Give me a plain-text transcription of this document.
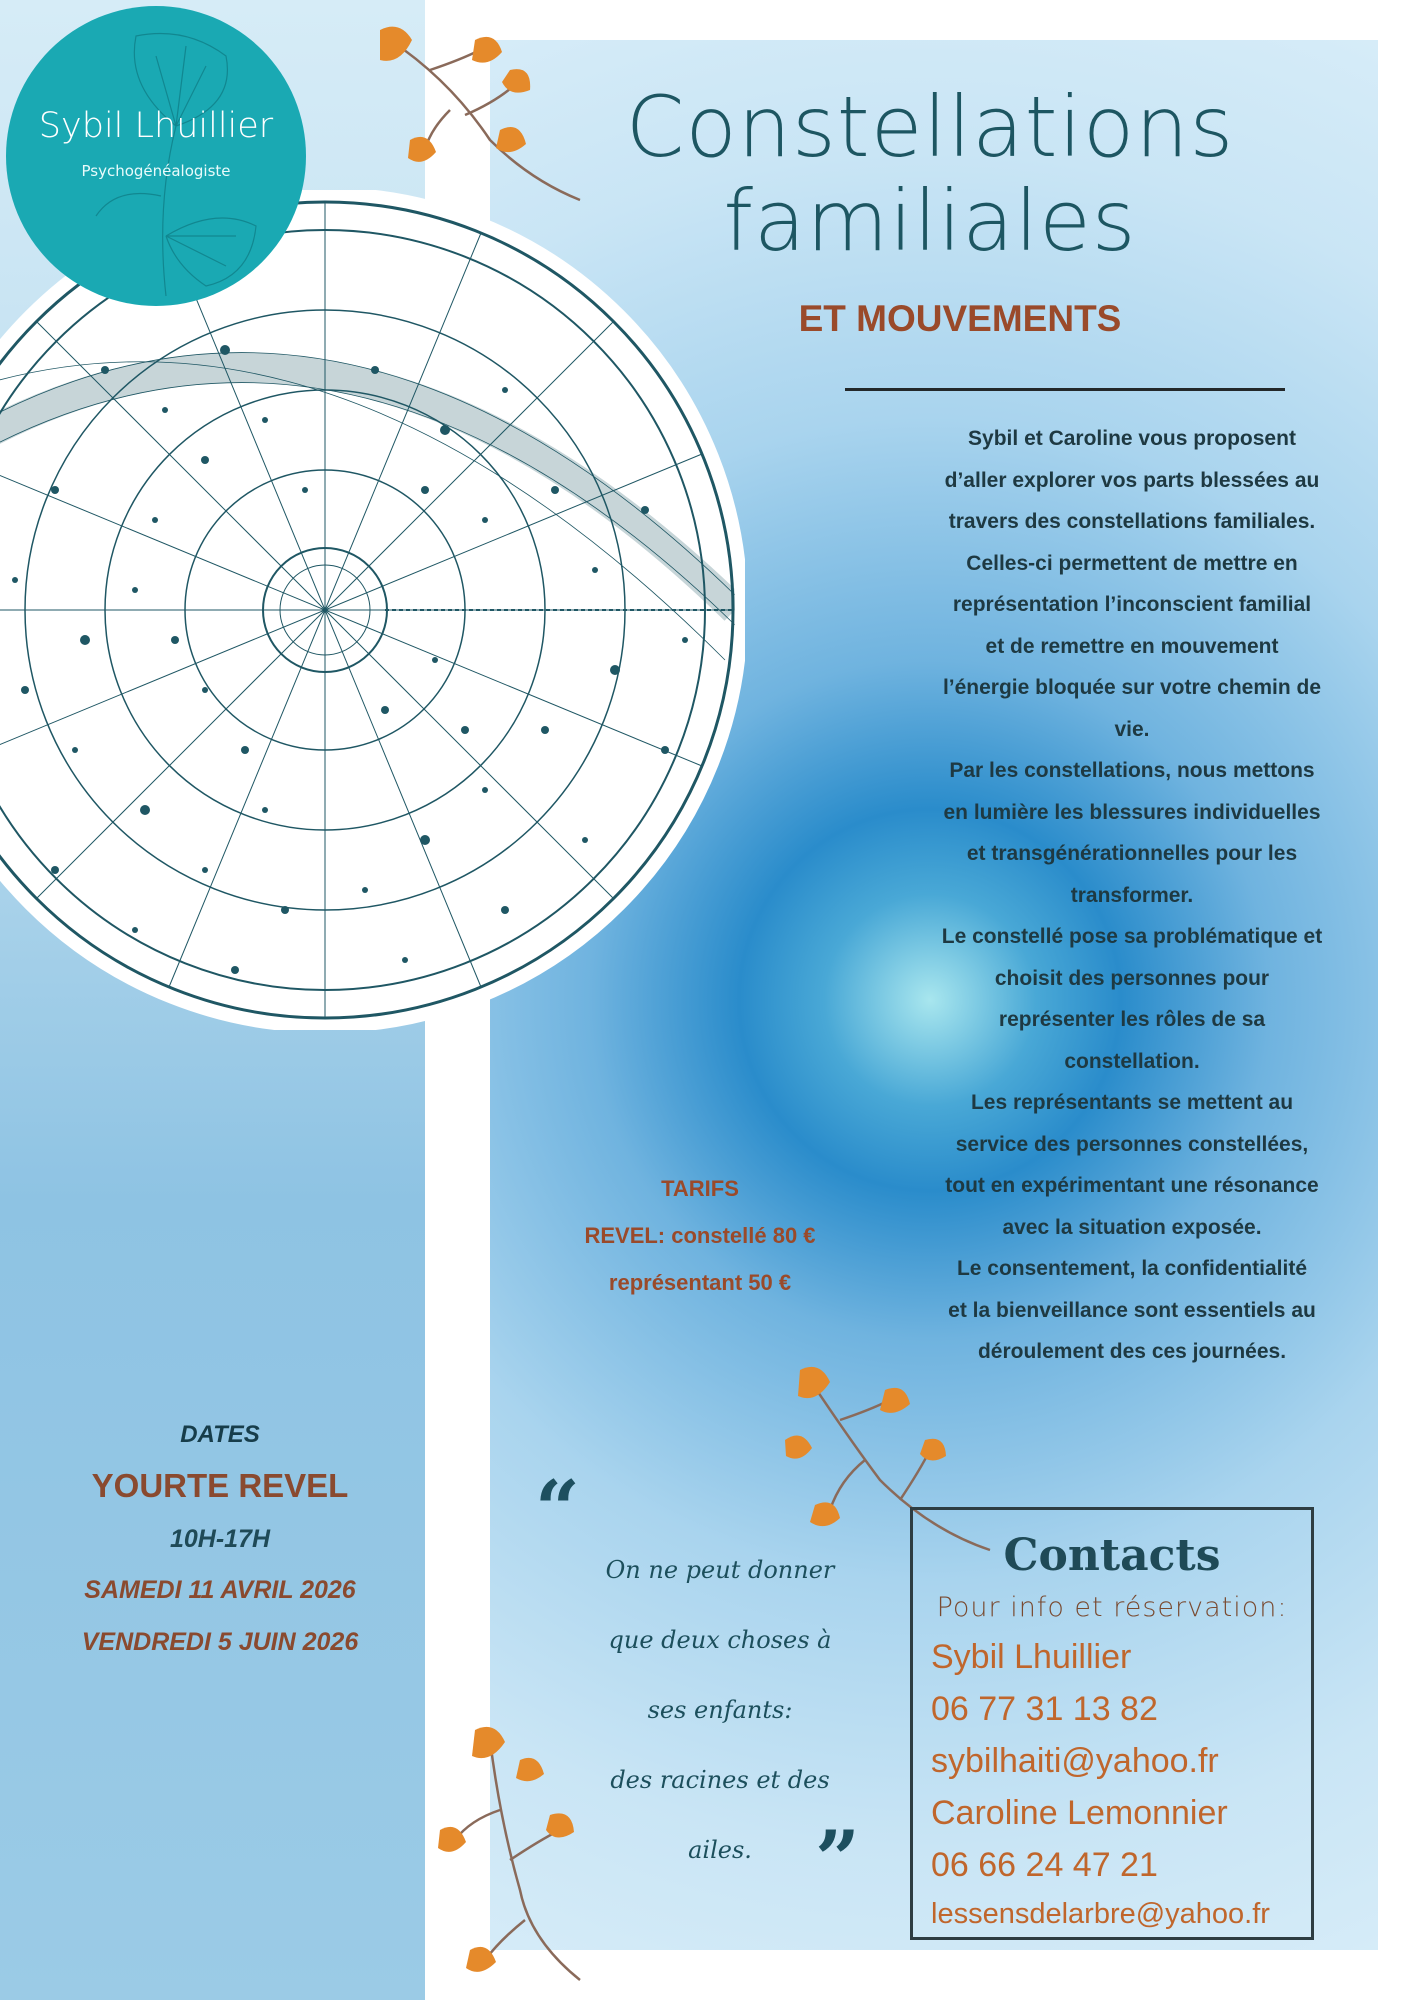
Sybil Lhuillier
Psychogénéalogiste	Constellations
familiales
ET MOUVEMENTS

Sybil et Caroline vous proposent

d’aller explorer vos parts blessées au

travers des constellations familiales.

Celles-ci permettent de mettre en

représentation l’inconscient familial

et de remettre en mouvement

l’énergie bloquée sur votre chemin de

vie.

Par les constellations, nous mettons

en lumière les blessures individuelles

et transgénérationnelles pour les

transformer.

Le constellé pose sa problématique et

choisit des personnes pour

représenter les rôles de sa

constellation.

Les représentants se mettent au

service des personnes constellées,

tout en expérimentant une résonance

avec la situation exposée.

Le consentement, la confidentialité

et la bienveillance sont essentiels au

déroulement des ces journées.

TARIFS
REVEL: constellé 80 €
représentant 50 €
DATES
YOURTE REVEL
10H-17H
SAMEDI 11 AVRIL 2026
VENDREDI 5 JUIN 2026
“
On ne peut donner
que deux choses à
ses enfants:
des racines et des
ailes. ”
Contacts
Pour info et réservation:
Sybil Lhuillier
06 77 31 13 82
sybilhaiti@yahoo.fr
Caroline Lemonnier
06 66 24 47 21
lessensdelarbre@yahoo.fr
